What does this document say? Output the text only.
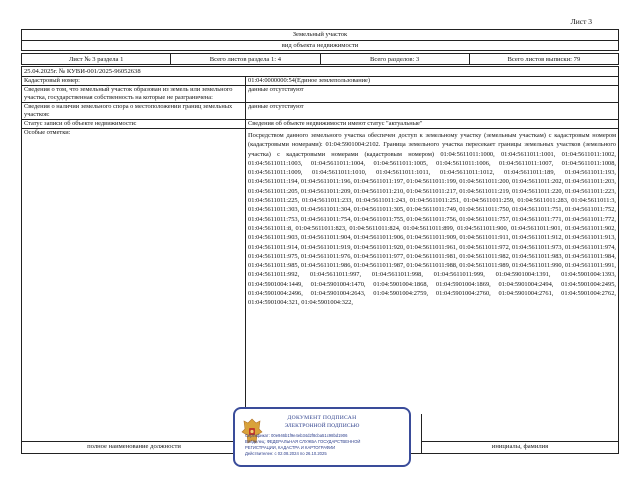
Лист 3
Земельный участок
вид объекта недвижимости
Лист № 3 раздела 1	Всего листов раздела 1: 4	Всего разделов: 3	Всего листов выписки: 79
25.04.2025г. № КУВИ-001/2025-96052638
Кадастровый номер:	01:04:0000000:54(Единое землепользование)
Сведения о том, что земельный участок образован из земель или земельного участка, государственная собственность на которые не разграничена:
данные отсутствуют
Сведения о наличии земельного спора о местоположении границ земельных участков:
данные отсутствуют
Статус записи об объекте недвижимости:	Сведения об объекте недвижимости имеют статус "актуальные"
Особые отметки:	Посредством данного земельного участка обеспечен доступ к земельному участку (земельным участкам) с кадастровым номером (кадастровыми номерами): 01:04:5901004:2102. Граница земельного участка пересекает границы земельных участков (земельного участка) с кадастровыми номерами (кадастровым номером) 01:04:5611011:1000, 01:04:5611011:1001, 01:04:5611011:1002, 01:04:5611011:1003, 01:04:5611011:1004, 01:04:5611011:1005, 01:04:5611011:1006, 01:04:5611011:1007, 01:04:5611011:1008, 01:04:5611011:1009, 01:04:5611011:1010, 01:04:5611011:1011, 01:04:5611011:1012, 01:04:5611011:189, 01:04:5611011:193, 01:04:5611011:194, 01:04:5611011:196, 01:04:5611011:197, 01:04:5611011:199, 01:04:5611011:200, 01:04:5611011:202, 01:04:5611011:203, 01:04:5611011:205, 01:04:5611011:209, 01:04:5611011:210, 01:04:5611011:217, 01:04:5611011:219, 01:04:5611011:220, 01:04:5611011:223, 01:04:5611011:225, 01:04:5611011:233, 01:04:5611011:243, 01:04:5611011:251, 01:04:5611011:259, 01:04:5611011:283, 01:04:5611011:3, 01:04:5611011:303, 01:04:5611011:304, 01:04:5611011:305, 01:04:5611011:749, 01:04:5611011:750, 01:04:5611011:751, 01:04:5611011:752, 01:04:5611011:753, 01:04:5611011:754, 01:04:5611011:755, 01:04:5611011:756, 01:04:5611011:757, 01:04:5611011:771, 01:04:5611011:772, 01:04:5611011:8, 01:04:5611011:823, 01:04:5611011:824, 01:04:5611011:899, 01:04:5611011:900, 01:04:5611011:901, 01:04:5611011:902, 01:04:5611011:903, 01:04:5611011:904, 01:04:5611011:906, 01:04:5611011:909, 01:04:5611011:911, 01:04:5611011:912, 01:04:5611011:913, 01:04:5611011:914, 01:04:5611011:919, 01:04:5611011:920, 01:04:5611011:961, 01:04:5611011:972, 01:04:5611011:973, 01:04:5611011:974, 01:04:5611011:975, 01:04:5611011:976, 01:04:5611011:977, 01:04:5611011:981, 01:04:5611011:982, 01:04:5611011:983, 01:04:5611011:984, 01:04:5611011:985, 01:04:5611011:986, 01:04:5611011:987, 01:04:5611011:988, 01:04:5611011:989, 01:04:5611011:990, 01:04:5611011:991, 01:04:5611011:992, 01:04:5611011:997, 01:04:5611011:998, 01:04:5611011:999, 01:04:5901004:1391, 01:04:5901004:1393, 01:04:5901004:1449, 01:04:5901004:1470, 01:04:5901004:1868, 01:04:5901004:1869, 01:04:5901004:2494, 01:04:5901004:2495, 01:04:5901004:2496, 01:04:5901004:2643, 01:04:5901004:2759, 01:04:5901004:2760, 01:04:5901004:2761, 01:04:5901004:2762, 01:04:5901004:321, 01:04:5901004:322,
полное наименование должности	инициалы, фамилия
ДОКУМЕНТ ПОДПИСАН
ЭЛЕКТРОННОЙ ПОДПИСЬЮ
Сертификат: 00e946b1f9e4eb34d2f8cba51c98bd1906
Владелец: ФЕДЕРАЛЬНАЯ СЛУЖБА ГОСУДАРСТВЕННОЙ
РЕГИСТРАЦИИ, КАДАСТРА И КАРТОГРАФИИ
Действителен: с 02.08.2024 по 26.10.2025
